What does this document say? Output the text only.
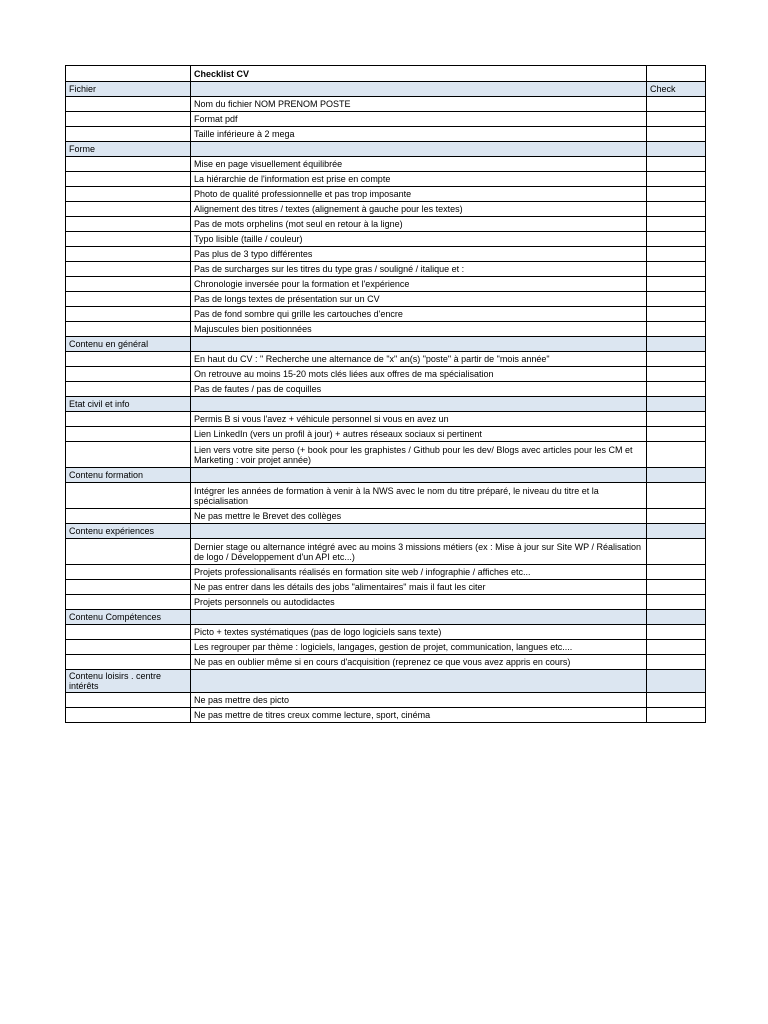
	Checklist CV	
Fichier		Check
	Nom du fichier NOM PRENOM POSTE	
	Format pdf	
	Taille inférieure à 2 mega	
Forme		
	Mise en page visuellement équilibrée	
	La hiérarchie de l'information est prise en compte	
	Photo de qualité professionnelle et pas trop imposante	
	Alignement des titres / textes (alignement à gauche pour les textes)	
	Pas de mots orphelins (mot seul en retour à la ligne)	
	Typo lisible (taille / couleur)	
	Pas plus de 3 typo différentes	
	Pas de surcharges sur les titres du type gras / souligné / italique et :	
	Chronologie inversée pour la formation et l'expérience	
	Pas de longs textes de présentation sur un CV	
	Pas de fond sombre qui grille les cartouches d'encre	
	Majuscules bien positionnées	
Contenu en général		
	En haut du CV : " Recherche une alternance de "x" an(s) "poste" à partir de "mois année"	
	On retrouve au moins 15-20 mots clés liées aux offres de ma spécialisation	
	Pas de fautes / pas de coquilles	
Etat civil et info		
	Permis B si vous l'avez + véhicule personnel si vous en avez un	
	Lien LinkedIn (vers un profil à jour) + autres réseaux sociaux si pertinent	
	Lien vers votre site perso (+ book pour les graphistes / Github pour les dev/ Blogs avec articles pour les CM et Marketing : voir projet année)	
Contenu formation		
	Intégrer les années de formation à venir à la NWS avec le nom du titre préparé, le niveau du titre et la spécialisation	
	Ne pas mettre le Brevet des collèges	
Contenu expériences		
	Dernier stage ou alternance intégré avec au moins 3 missions métiers (ex : Mise à jour sur Site WP / Réalisation de logo / Développement d'un API etc...)	
	Projets professionalisants réalisés en formation site web / infographie / affiches etc...	
	Ne pas entrer dans les détails des jobs "alimentaires" mais il faut les citer	
	Projets personnels ou autodidactes	
Contenu Compétences		
	Picto + textes systématiques (pas de logo logiciels sans texte)	
	Les regrouper par thème : logiciels, langages, gestion de projet, communication, langues etc....	
	Ne pas en oublier même si en cours d'acquisition (reprenez ce que vous avez appris en cours)	
Contenu loisirs . centre intérêts		
	Ne pas mettre des picto	
	Ne pas mettre de titres creux comme lecture, sport, cinéma	
